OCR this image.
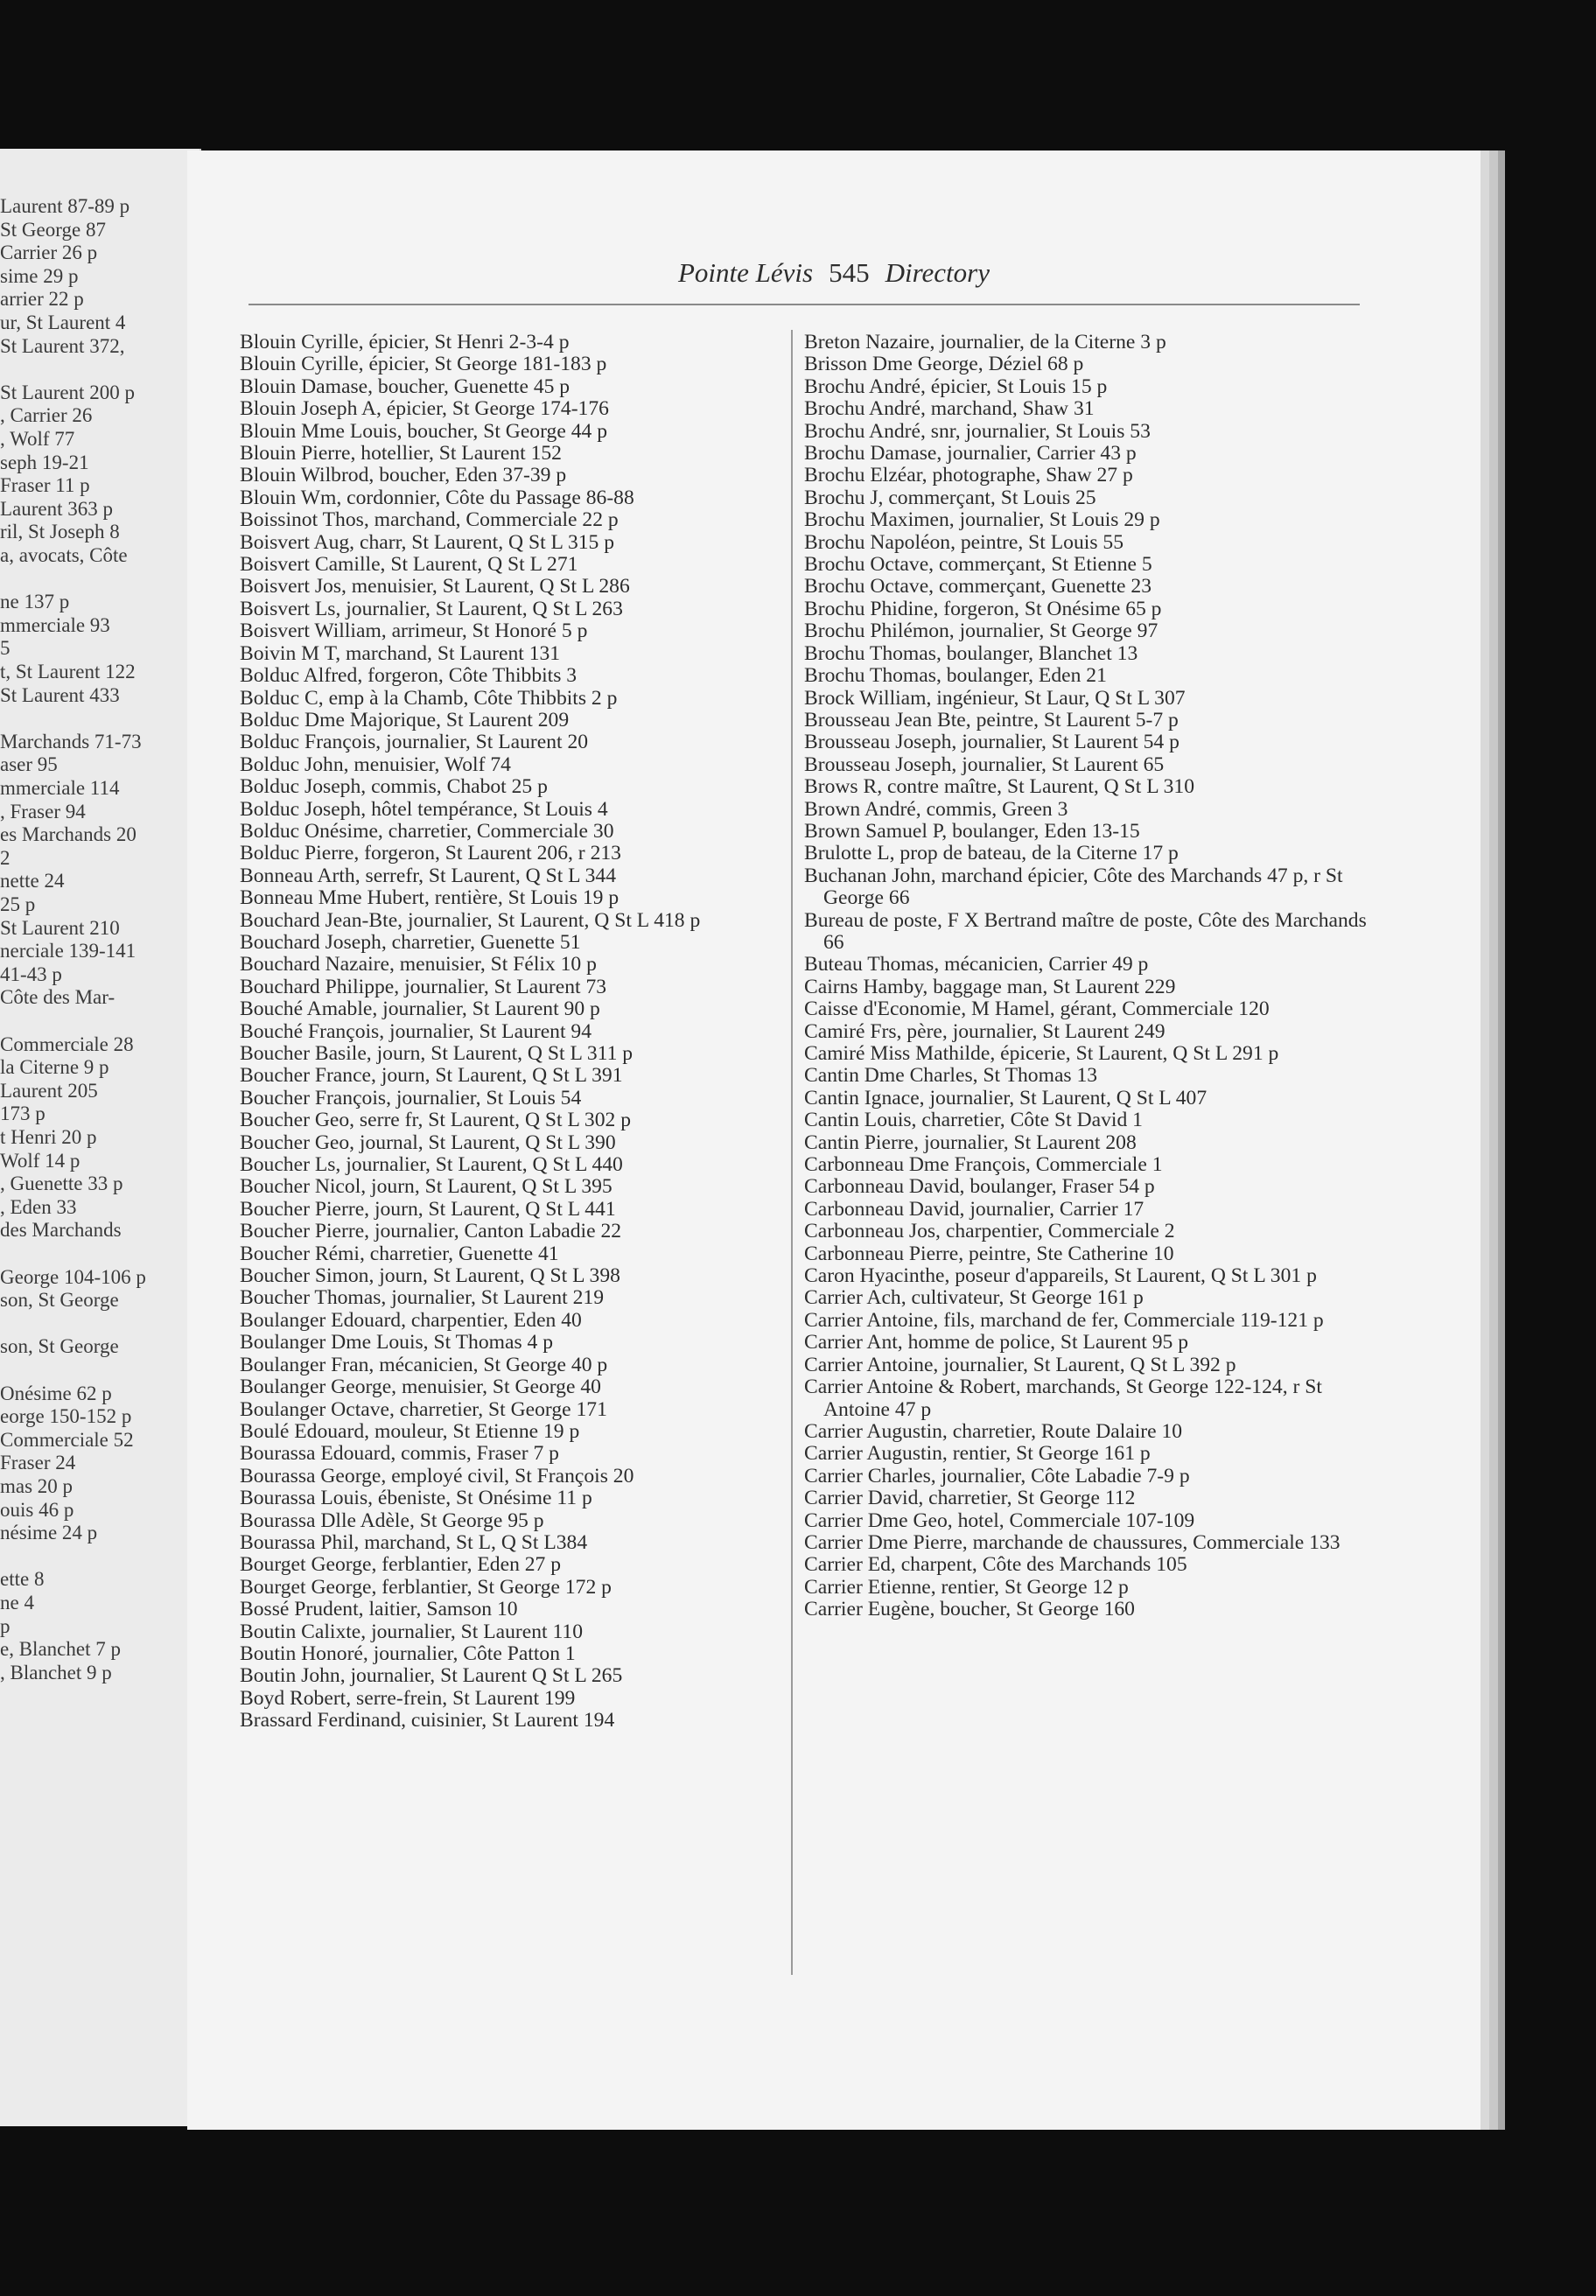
Laurent 87-89 p
St George 87
Carrier 26 p
sime 29 p
arrier 22 p
ur, St Laurent 4
St Laurent 372,
St Laurent 200 p
, Carrier 26
, Wolf 77
seph 19-21
Fraser 11 p
Laurent 363 p
ril, St Joseph 8
a, avocats, Côte
ne 137 p
mmerciale 93
5
t, St Laurent 122
St Laurent 433
Marchands 71-73
aser 95
mmerciale 114
, Fraser 94
es Marchands 20
2
nette 24
25 p
St Laurent 210
nerciale 139-141
41-43 p
Côte des Mar-
Commerciale 28
la Citerne 9 p
Laurent 205
173 p
t Henri 20 p
Wolf 14 p
, Guenette 33 p
, Eden 33
des Marchands
George 104-106 p
son, St George
son, St George
Onésime 62 p
eorge 150-152 p
Commerciale 52
Fraser 24
mas 20 p
ouis 46 p
nésime 24 p
ette 8
ne 4
p
e, Blanchet 7 p
, Blanchet 9 p
Pointe Lévis 545 Directory
Blouin Cyrille, épicier, St Henri 2-3-4 p
Blouin Cyrille, épicier, St George 181-183 p
Blouin Damase, boucher, Guenette 45 p
Blouin Joseph A, épicier, St George 174-176
Blouin Mme Louis, boucher, St George 44 p
Blouin Pierre, hotellier, St Laurent 152
Blouin Wilbrod, boucher, Eden 37-39 p
Blouin Wm, cordonnier, Côte du Passage 86-88
Boissinot Thos, marchand, Commerciale 22 p
Boisvert Aug, charr, St Laurent, Q St L 315 p
Boisvert Camille, St Laurent, Q St L 271
Boisvert Jos, menuisier, St Laurent, Q St L 286
Boisvert Ls, journalier, St Laurent, Q St L 263
Boisvert William, arrimeur, St Honoré 5 p
Boivin M T, marchand, St Laurent 131
Bolduc Alfred, forgeron, Côte Thibbits 3
Bolduc C, emp à la Chamb, Côte Thibbits 2 p
Bolduc Dme Majorique, St Laurent 209
Bolduc François, journalier, St Laurent 20
Bolduc John, menuisier, Wolf 74
Bolduc Joseph, commis, Chabot 25 p
Bolduc Joseph, hôtel tempérance, St Louis 4
Bolduc Onésime, charretier, Commerciale 30
Bolduc Pierre, forgeron, St Laurent 206, r 213
Bonneau Arth, serrefr, St Laurent, Q St L 344
Bonneau Mme Hubert, rentière, St Louis 19 p
Bouchard Jean-Bte, journalier, St Laurent, Q St L 418 p
Bouchard Joseph, charretier, Guenette 51
Bouchard Nazaire, menuisier, St Félix 10 p
Bouchard Philippe, journalier, St Laurent 73
Bouché Amable, journalier, St Laurent 90 p
Bouché François, journalier, St Laurent 94
Boucher Basile, journ, St Laurent, Q St L 311 p
Boucher France, journ, St Laurent, Q St L 391
Boucher François, journalier, St Louis 54
Boucher Geo, serre fr, St Laurent, Q St L 302 p
Boucher Geo, journal, St Laurent, Q St L 390
Boucher Ls, journalier, St Laurent, Q St L 440
Boucher Nicol, journ, St Laurent, Q St L 395
Boucher Pierre, journ, St Laurent, Q St L 441
Boucher Pierre, journalier, Canton Labadie 22
Boucher Rémi, charretier, Guenette 41
Boucher Simon, journ, St Laurent, Q St L 398
Boucher Thomas, journalier, St Laurent 219
Boulanger Edouard, charpentier, Eden 40
Boulanger Dme Louis, St Thomas 4 p
Boulanger Fran, mécanicien, St George 40 p
Boulanger George, menuisier, St George 40
Boulanger Octave, charretier, St George 171
Boulé Edouard, mouleur, St Etienne 19 p
Bourassa Edouard, commis, Fraser 7 p
Bourassa George, employé civil, St François 20
Bourassa Louis, ébeniste, St Onésime 11 p
Bourassa Dlle Adèle, St George 95 p
Bourassa Phil, marchand, St L, Q St L384
Bourget George, ferblantier, Eden 27 p
Bourget George, ferblantier, St George 172 p
Bossé Prudent, laitier, Samson 10
Boutin Calixte, journalier, St Laurent 110
Boutin Honoré, journalier, Côte Patton 1
Boutin John, journalier, St Laurent Q St L 265
Boyd Robert, serre-frein, St Laurent 199
Brassard Ferdinand, cuisinier, St Laurent 194
Breton Nazaire, journalier, de la Citerne 3 p
Brisson Dme George, Déziel 68 p
Brochu André, épicier, St Louis 15 p
Brochu André, marchand, Shaw 31
Brochu André, snr, journalier, St Louis 53
Brochu Damase, journalier, Carrier 43 p
Brochu Elzéar, photographe, Shaw 27 p
Brochu J, commerçant, St Louis 25
Brochu Maximen, journalier, St Louis 29 p
Brochu Napoléon, peintre, St Louis 55
Brochu Octave, commerçant, St Etienne 5
Brochu Octave, commerçant, Guenette 23
Brochu Phidine, forgeron, St Onésime 65 p
Brochu Philémon, journalier, St George 97
Brochu Thomas, boulanger, Blanchet 13
Brochu Thomas, boulanger, Eden 21
Brock William, ingénieur, St Laur, Q St L 307
Brousseau Jean Bte, peintre, St Laurent 5-7 p
Brousseau Joseph, journalier, St Laurent 54 p
Brousseau Joseph, journalier, St Laurent 65
Brows R, contre maître, St Laurent, Q St L 310
Brown André, commis, Green 3
Brown Samuel P, boulanger, Eden 13-15
Brulotte L, prop de bateau, de la Citerne 17 p
Buchanan John, marchand épicier, Côte des Marchands 47 p, r St George 66
Bureau de poste, F X Bertrand maître de poste, Côte des Marchands 66
Buteau Thomas, mécanicien, Carrier 49 p
Cairns Hamby, baggage man, St Laurent 229
Caisse d'Economie, M Hamel, gérant, Commerciale 120
Camiré Frs, père, journalier, St Laurent 249
Camiré Miss Mathilde, épicerie, St Laurent, Q St L 291 p
Cantin Dme Charles, St Thomas 13
Cantin Ignace, journalier, St Laurent, Q St L 407
Cantin Louis, charretier, Côte St David 1
Cantin Pierre, journalier, St Laurent 208
Carbonneau Dme François, Commerciale 1
Carbonneau David, boulanger, Fraser 54 p
Carbonneau David, journalier, Carrier 17
Carbonneau Jos, charpentier, Commerciale 2
Carbonneau Pierre, peintre, Ste Catherine 10
Caron Hyacinthe, poseur d'appareils, St Laurent, Q St L 301 p
Carrier Ach, cultivateur, St George 161 p
Carrier Antoine, fils, marchand de fer, Commerciale 119-121 p
Carrier Ant, homme de police, St Laurent 95 p
Carrier Antoine, journalier, St Laurent, Q St L 392 p
Carrier Antoine & Robert, marchands, St George 122-124, r St Antoine 47 p
Carrier Augustin, charretier, Route Dalaire 10
Carrier Augustin, rentier, St George 161 p
Carrier Charles, journalier, Côte Labadie 7-9 p
Carrier David, charretier, St George 112
Carrier Dme Geo, hotel, Commerciale 107-109
Carrier Dme Pierre, marchande de chaussures, Commerciale 133
Carrier Ed, charpent, Côte des Marchands 105
Carrier Etienne, rentier, St George 12 p
Carrier Eugène, boucher, St George 160
